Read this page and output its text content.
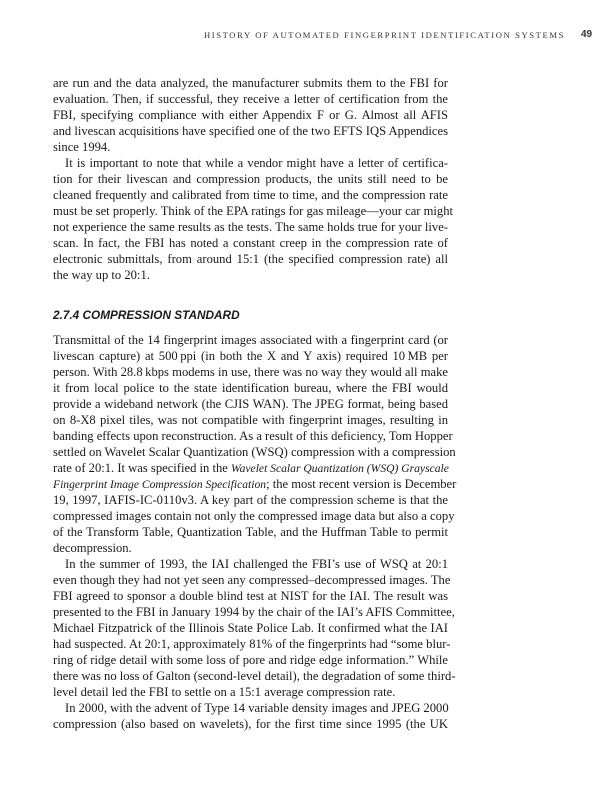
HISTORY OF AUTOMATED FINGERPRINT IDENTIFICATION SYSTEMS 49
are run and the data analyzed, the manufacturer submits them to the FBI for
evaluation. Then, if successful, they receive a letter of certification from the
FBI, specifying compliance with either Appendix F or G. Almost all AFIS
and livescan acquisitions have specified one of the two EFTS IQS Appendices
since 1994.
It is important to note that while a vendor might have a letter of certifica-
tion for their livescan and compression products, the units still need to be
cleaned frequently and calibrated from time to time, and the compression rate
must be set properly. Think of the EPA ratings for gas mileage—your car might
not experience the same results as the tests. The same holds true for your live-
scan. In fact, the FBI has noted a constant creep in the compression rate of
electronic submittals, from around 15:1 (the specified compression rate) all
the way up to 20:1.
2.7.4 COMPRESSION STANDARD
Transmittal of the 14 fingerprint images associated with a fingerprint card (or
livescan capture) at 500 ppi (in both the X and Y axis) required 10 MB per
person. With 28.8 kbps modems in use, there was no way they would all make
it from local police to the state identification bureau, where the FBI would
provide a wideband network (the CJIS WAN). The JPEG format, being based
on 8-X8 pixel tiles, was not compatible with fingerprint images, resulting in
banding effects upon reconstruction. As a result of this deficiency, Tom Hopper
settled on Wavelet Scalar Quantization (WSQ) compression with a compression
rate of 20:1. It was specified in the Wavelet Scalar Quantization (WSQ) Grayscale
Fingerprint Image Compression Specification; the most recent version is December
19, 1997, IAFIS-IC-0110v3. A key part of the compression scheme is that the
compressed images contain not only the compressed image data but also a copy
of the Transform Table, Quantization Table, and the Huffman Table to permit
decompression.
In the summer of 1993, the IAI challenged the FBI’s use of WSQ at 20:1
even though they had not yet seen any compressed–decompressed images. The
FBI agreed to sponsor a double blind test at NIST for the IAI. The result was
presented to the FBI in January 1994 by the chair of the IAI’s AFIS Committee,
Michael Fitzpatrick of the Illinois State Police Lab. It confirmed what the IAI
had suspected. At 20:1, approximately 81% of the fingerprints had “some blur-
ring of ridge detail with some loss of pore and ridge edge information.” While
there was no loss of Galton (second-level detail), the degradation of some third-
level detail led the FBI to settle on a 15:1 average compression rate.
In 2000, with the advent of Type 14 variable density images and JPEG 2000
compression (also based on wavelets), for the first time since 1995 (the UK
